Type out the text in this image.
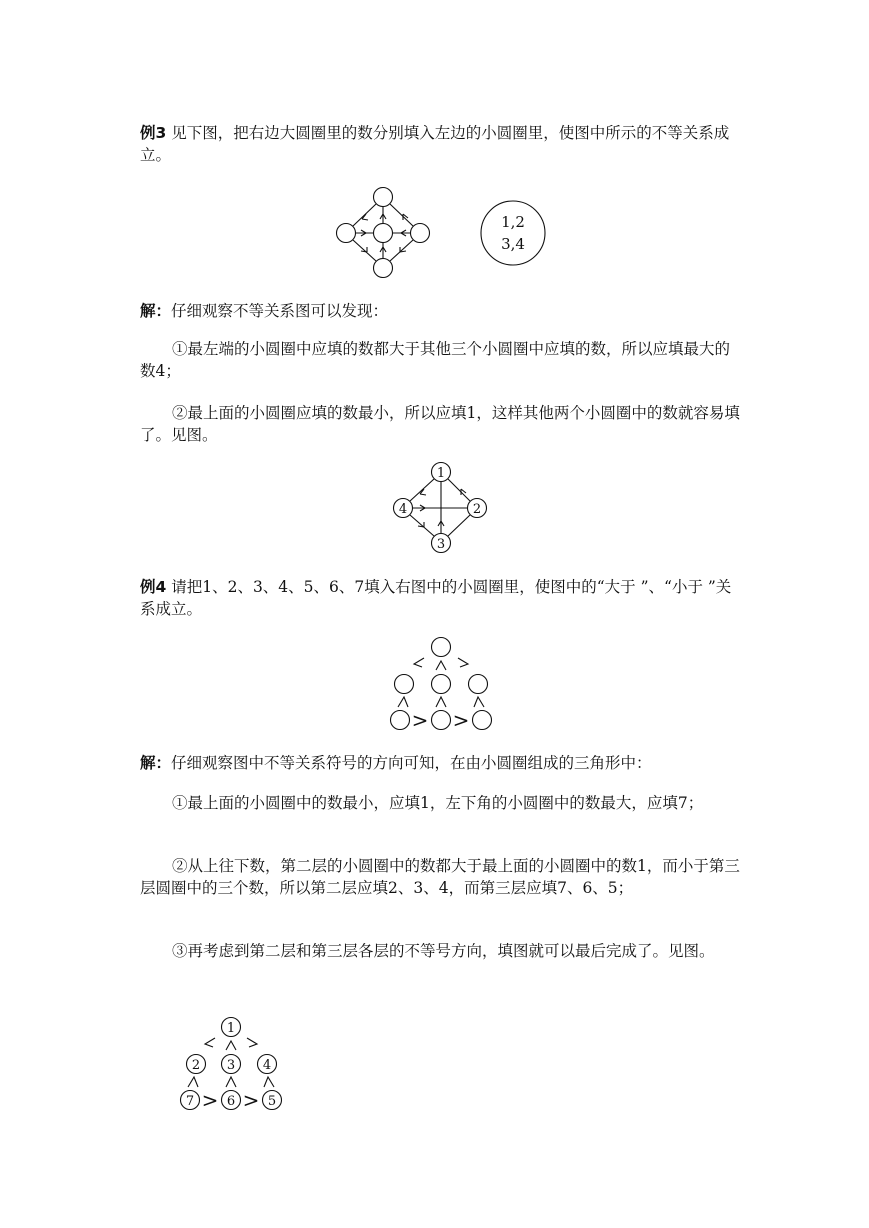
例3 见下图，把右边大圆圈里的数分别填入左边的小圆圈里，使图中所示的不等关系成立。

1,2
3,4

解：仔细观察不等关系图可以发现：

①最左端的小圆圈中应填的数都大于其他三个小圆圈中应填的数，所以应填最大的数4；

②最上面的小圆圈应填的数最小，所以应填1，这样其他两个小圆圈中的数就容易填了。见图。

1
4	2
3

例4 请把1、2、3、4、5、6、7填入右图中的小圆圈里，使图中的“大于 ”、“小于 ”关系成立。

> >

解：仔细观察图中不等关系符号的方向可知，在由小圆圈组成的三角形中：

①最上面的小圆圈中的数最小，应填1，左下角的小圆圈中的数最大，应填7；

②从上往下数，第二层的小圆圈中的数都大于最上面的小圆圈中的数1，而小于第三层圆圈中的三个数，所以第二层应填2、3、4，而第三层应填7、6、5；

③再考虑到第二层和第三层各层的不等号方向，填图就可以最后完成了。见图。

1
2 3 4
7	6	5
> >
